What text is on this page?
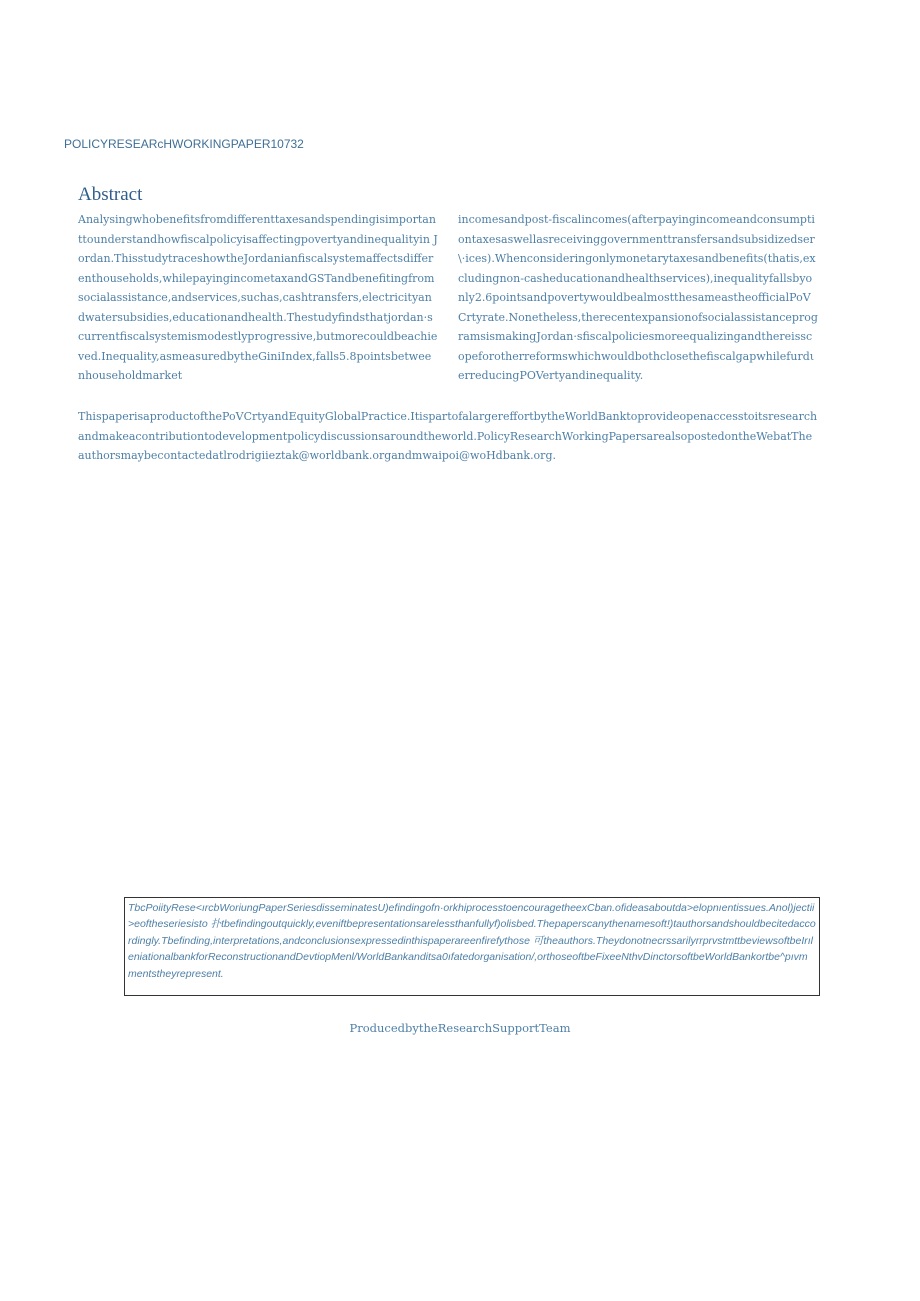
POLICYRESEARcHWORKINGPAPER10732
Abstract
Analysingwhobenefitsfromdifferenttaxesandspendingisimportanttounderstandhowfiscalpolicyisaffectingpovertyandinequalityin Jordan.ThisstudytraceshowtheJordanianfiscalsystemaffectsdifferenthouseholds,whilepayingincometaxandGSTandbenefitingfromsocialassistance,andservices,suchas,cashtransfers,electricityandwatersubsidies,educationandhealth.Thestudyfindsthatjordan·scurrentfiscalsystemismodestlyprogressive,butmorecouldbeachieved.Inequality,asmeasuredbytheGiniIndex,falls5.8pointsbetweenhouseholdmarket
incomesandpost-fiscalincomes(afterpayingincomeandconsumptiontaxesaswellasreceivinggovernmenttransfersandsubsidizedser\·ices).Whenconsideringonlymonetarytaxesandbenefits(thatis,excludingnon-casheducationandhealthservices),inequalityfallsbyonly2.6pointsandpovertywouldbealmostthesameastheofficialPoVCrtyrate.Nonetheless,therecentexpansionofsocialassistanceprogramsismakingJordan·sfiscalpoliciesmoreequalizingandthereisscopeforotherreformswhichwouldbothclosethefiscalgapwhilefurdιerreducingPOVertyandinequality.
ThispaperisaproductofthePoVCrtyandEquityGlobalPractice.ItispartofalargereffortbytheWorldBanktoprovideopenaccesstoitsresearchandmakeacontributiontodevelopmentpolicydiscussionsaroundtheworld.PolicyResearchWorkingPapersarealsopostedontheWebatTheauthorsmaybecontactedatlrodrigiieztak@worldbank.organdmwaipoi@woHdbank.org.
TbcPoiityRese<ırcbWoriungPaperSeriesdisseminatesU)efindingofn·orkhiprocesstoencouragetheexCban.ofideasaboutda>elopnıentissues.Anol)jectii>eoftheseriesisto 扑tbefindingoutquickly,eveniftbepresentationsarelessthanfullyf)olisbed.Thepaperscanythenamesoft!)tauthorsandshouldbecitedaccordingly.Tbefinding,interpretations,andconclusionsexpressedinthispaperareenfirefythose 可theauthors.TheydonotnecrssarilyrrprvstmttbeviewsoftbeIrıleniationalbankforReconstructionandDevtiopMenl/WorldBankanditsa0ıfatedorganisation/,orthoseoftbeFixeeNthvDinctorsoftbeWorldBankortbe^pıvmmentstheyrepresent.
ProducedbytheResearchSupportTeam
